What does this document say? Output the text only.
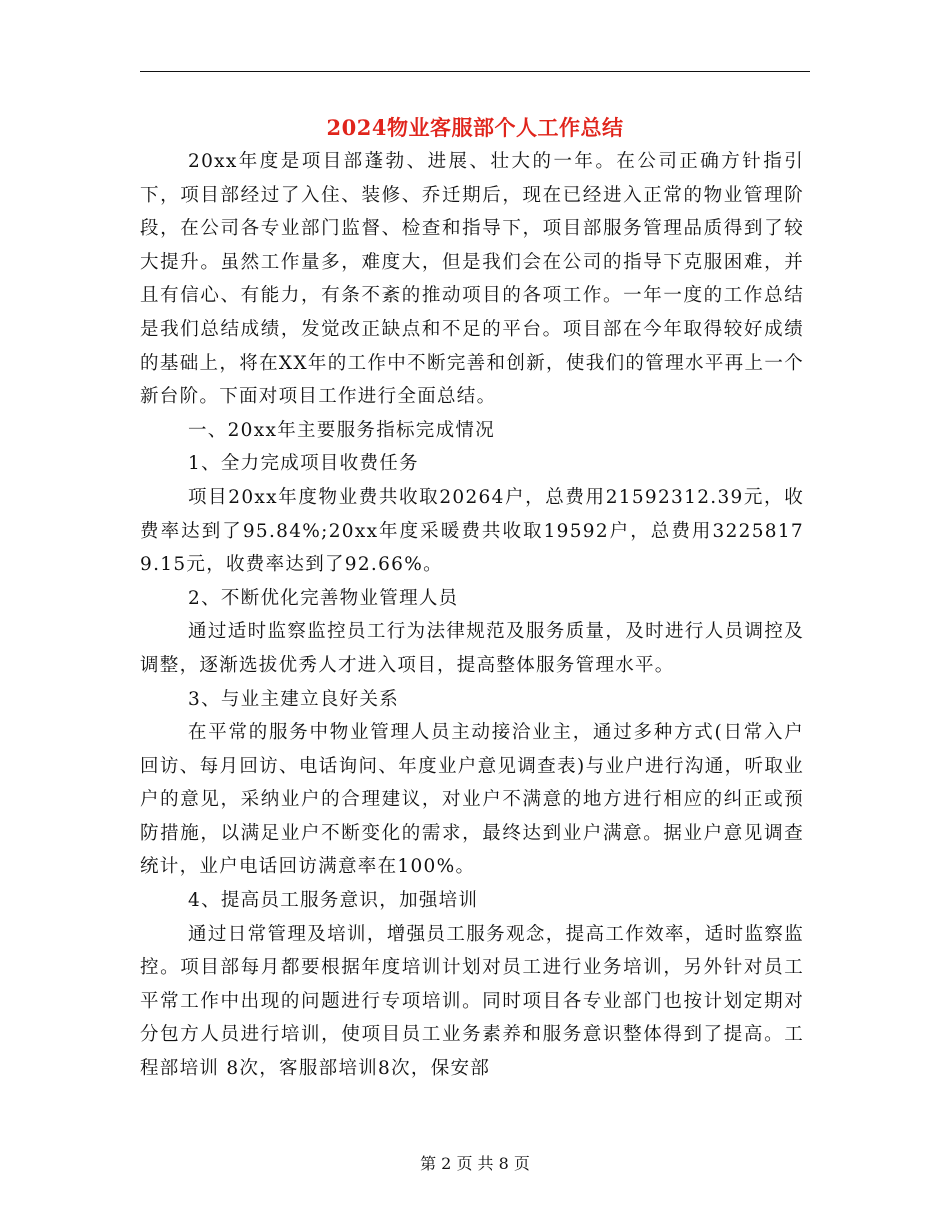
2024物业客服部个人工作总结

20xx年度是项目部蓬勃、进展、壮大的一年。在公司正确方针指引下，项目部经过了入住、装修、乔迁期后，现在已经进入正常的物业管理阶段，在公司各专业部门监督、检查和指导下，项目部服务管理品质得到了较大提升。虽然工作量多，难度大，但是我们会在公司的指导下克服困难，并且有信心、有能力，有条不紊的推动项目的各项工作。一年一度的工作总结是我们总结成绩，发觉改正缺点和不足的平台。项目部在今年取得较好成绩的基础上，将在XX年的工作中不断完善和创新，使我们的管理水平再上一个新台阶。下面对项目工作进行全面总结。

一、20xx年主要服务指标完成情况

1、全力完成项目收费任务

项目20xx年度物业费共收取20264户，总费用21592312.39元，收费率达到了95.84%;20xx年度采暖费共收取19592户，总费用32258179.15元，收费率达到了92.66%。

2、不断优化完善物业管理人员

通过适时监察监控员工行为法律规范及服务质量，及时进行人员调控及调整，逐渐选拔优秀人才进入项目，提高整体服务管理水平。

3、与业主建立良好关系

在平常的服务中物业管理人员主动接洽业主，通过多种方式(日常入户回访、每月回访、电话询问、年度业户意见调查表)与业户进行沟通，听取业户的意见，采纳业户的合理建议，对业户不满意的地方进行相应的纠正或预防措施，以满足业户不断变化的需求，最终达到业户满意。据业户意见调查统计，业户电话回访满意率在100%。

4、提高员工服务意识，加强培训

通过日常管理及培训，增强员工服务观念，提高工作效率，适时监察监控。项目部每月都要根据年度培训计划对员工进行业务培训，另外针对员工平常工作中出现的问题进行专项培训。同时项目各专业部门也按计划定期对分包方人员进行培训，使项目员工业务素养和服务意识整体得到了提高。工程部培训 8次，客服部培训8次，保安部

第 2 页 共 8 页
